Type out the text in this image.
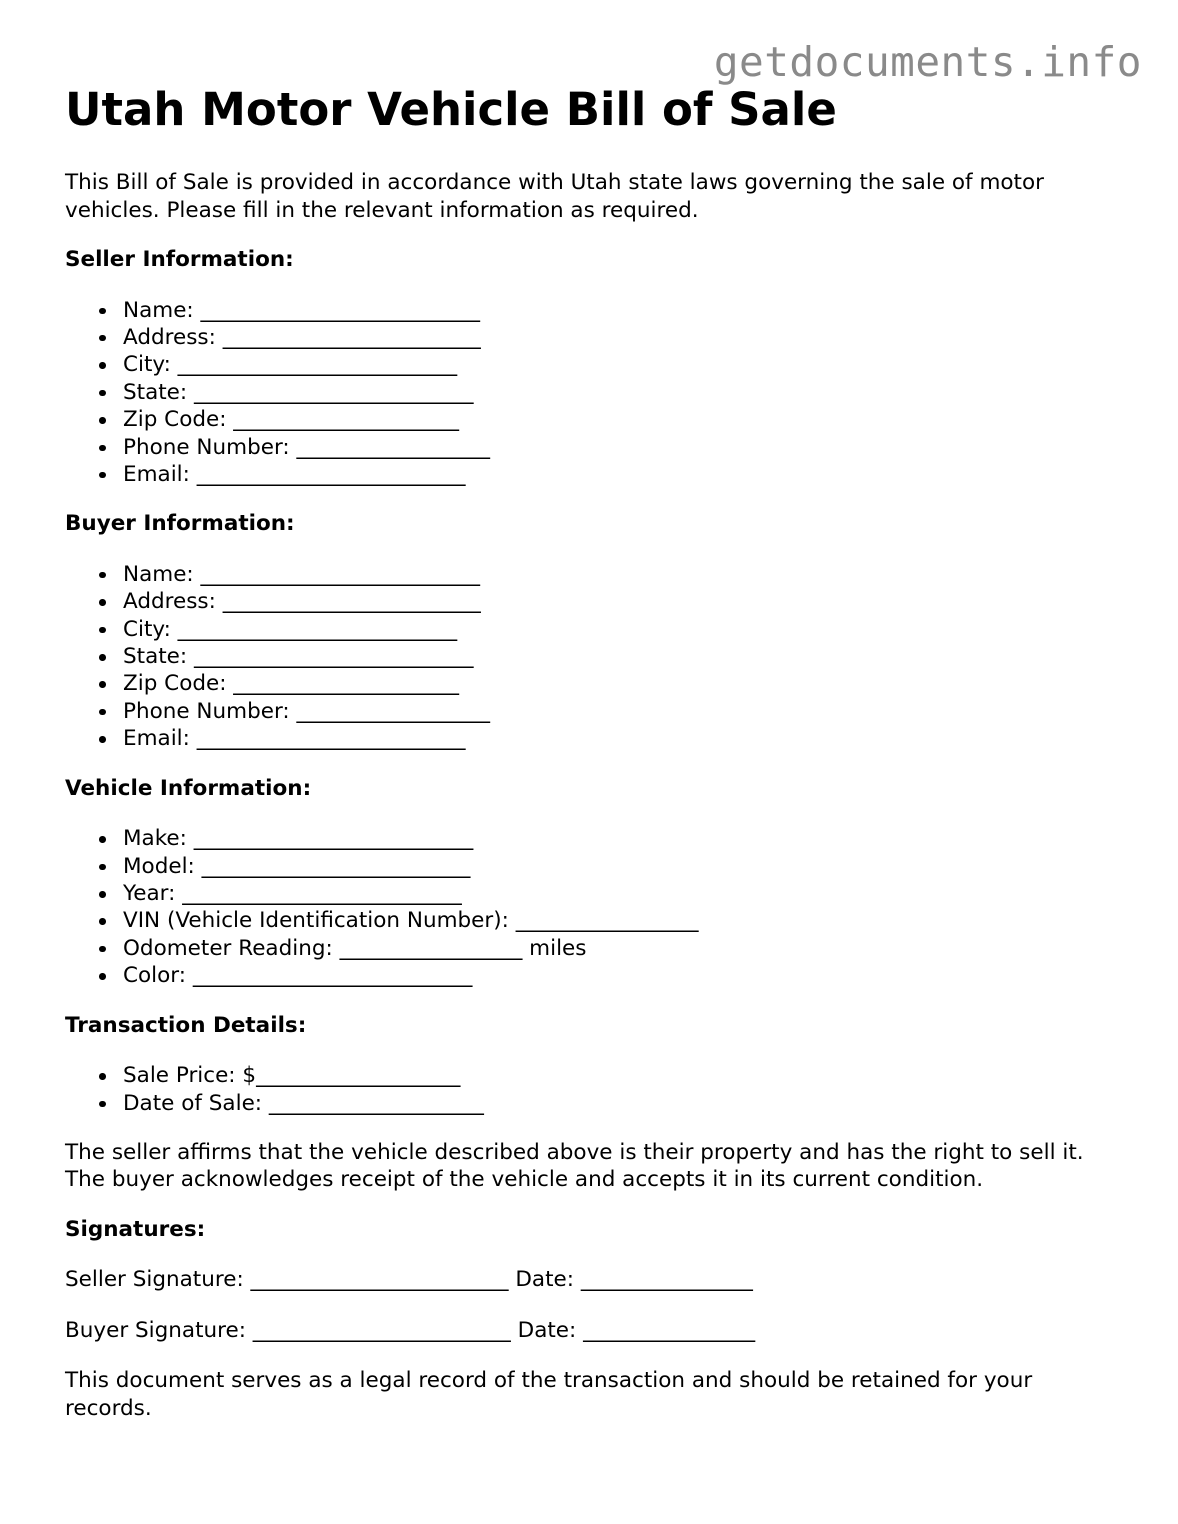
getdocuments.info
Utah Motor Vehicle Bill of Sale

This Bill of Sale is provided in accordance with Utah state laws governing the sale of motor vehicles. Please fill in the relevant information as required.

Seller Information:

Name: __________________________
Address: ________________________
City: __________________________
State: __________________________
Zip Code: _____________________
Phone Number: __________________
Email: _________________________

Buyer Information:

Name: __________________________
Address: ________________________
City: __________________________
State: __________________________
Zip Code: _____________________
Phone Number: __________________
Email: _________________________

Vehicle Information:

Make: __________________________
Model: _________________________
Year: __________________________
VIN (Vehicle Identification Number): _________________
Odometer Reading: _________________ miles
Color: __________________________

Transaction Details:

Sale Price: $___________________
Date of Sale: ____________________

The seller affirms that the vehicle described above is their property and has the right to sell it. The buyer acknowledges receipt of the vehicle and accepts it in its current condition.

Signatures:

Seller Signature: ________________________ Date: ________________

Buyer Signature: ________________________ Date: ________________

This document serves as a legal record of the transaction and should be retained for your records.
